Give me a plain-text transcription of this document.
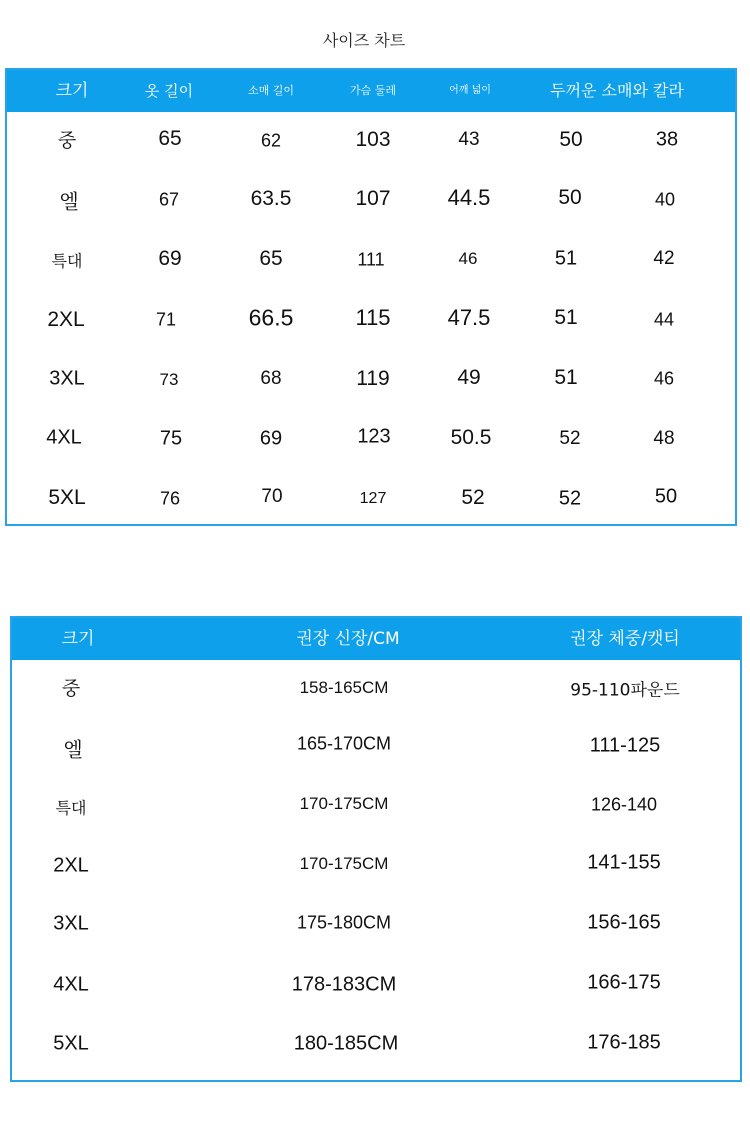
사이즈 차트
크기	옷 길이	소매 길이	가슴 둘레	어깨 넓이	두꺼운 소매와 칼라
중	65	62	103	43	50	38
엘	67	63.5	107	44.5	50	40
특대	69	65	111	46	51	42
2XL	71	66.5	115	47.5	51	44
3XL	73	68	119	49	51	46
4XL	75	69	123	50.5	52	48
5XL	76	70	127	52	52	50
크기	권장 신장/CM	권장 체중/캣티
중	158-165CM	95-110파운드
엘	165-170CM	111-125
특대	170-175CM	126-140
2XL	170-175CM	141-155
3XL	175-180CM	156-165
4XL	178-183CM	166-175
5XL	180-185CM	176-185
